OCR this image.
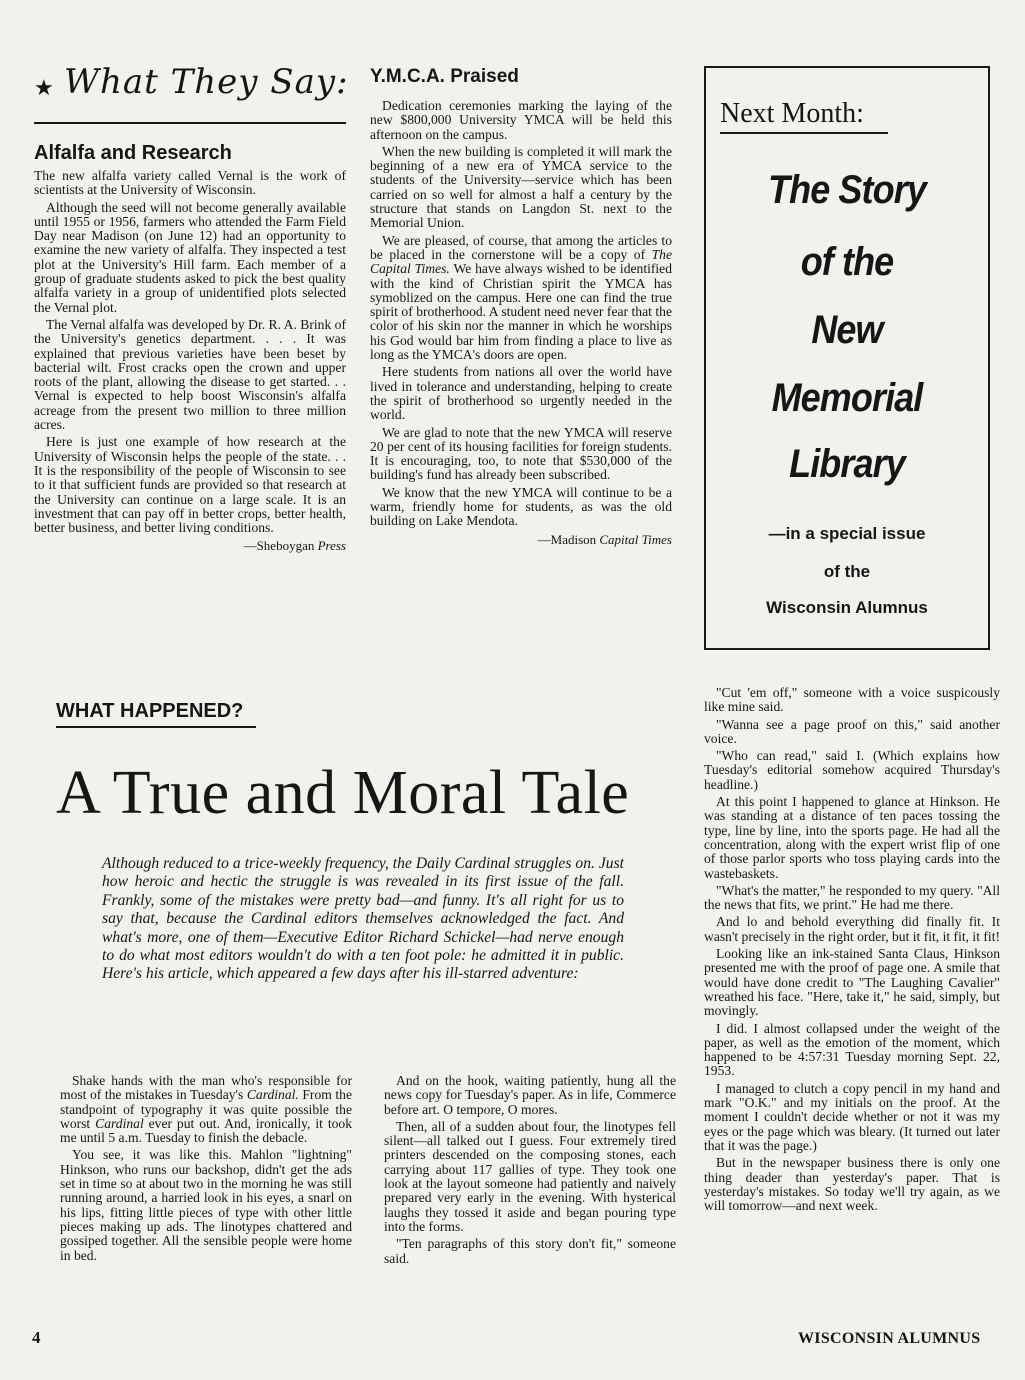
★ What They Say:
Alfalfa and Research

The new alfalfa variety called Vernal is the work of scientists at the University of Wisconsin.

Although the seed will not become generally available until 1955 or 1956, farmers who attended the Farm Field Day near Madison (on June 12) had an opportunity to examine the new variety of alfalfa. They inspected a test plot at the University's Hill farm. Each member of a group of graduate students asked to pick the best quality alfalfa variety in a group of unidentified plots selected the Vernal plot.

The Vernal alfalfa was developed by Dr. R. A. Brink of the University's genetics department. . . . It was explained that previous varieties have been beset by bacterial wilt. Frost cracks open the crown and upper roots of the plant, allowing the disease to get started. . . Vernal is expected to help boost Wisconsin's alfalfa acreage from the present two million to three million acres.

Here is just one example of how research at the University of Wisconsin helps the people of the state. . . It is the responsibility of the people of Wisconsin to see to it that sufficient funds are provided so that research at the University can continue on a large scale. It is an investment that can pay off in better crops, better health, better business, and better living conditions.

—Sheboygan Press
Y.M.C.A. Praised

Dedication ceremonies marking the laying of the new $800,000 University YMCA will be held this afternoon on the campus.

When the new building is completed it will mark the beginning of a new era of YMCA service to the students of the University—service which has been carried on so well for almost a half a century by the structure that stands on Langdon St. next to the Memorial Union.

We are pleased, of course, that among the articles to be placed in the cornerstone will be a copy of The Capital Times. We have always wished to be identified with the kind of Christian spirit the YMCA has symoblized on the campus. Here one can find the true spirit of brotherhood. A student need never fear that the color of his skin nor the manner in which he worships his God would bar him from finding a place to live as long as the YMCA's doors are open.

Here students from nations all over the world have lived in tolerance and understanding, helping to create the spirit of brotherhood so urgently needed in the world.

We are glad to note that the new YMCA will reserve 20 per cent of its housing facilities for foreign students. It is encouraging, too, to note that $530,000 of the building's fund has already been subscribed.

We know that the new YMCA will continue to be a warm, friendly home for students, as was the old building on Lake Mendota.

—Madison Capital Times
Next Month:
The Story
of the
New
Memorial
Library
—in a special issue
of the
Wisconsin Alumnus
WHAT HAPPENED?
A True and Moral Tale
Although reduced to a trice-weekly frequency, the Daily Cardinal struggles on. Just how heroic and hectic the struggle is was revealed in its first issue of the fall. Frankly, some of the mistakes were pretty bad—and funny. It's all right for us to say that, because the Cardinal editors themselves acknowledged the fact. And what's more, one of them—Executive Editor Richard Schickel—had nerve enough to do what most editors wouldn't do with a ten foot pole: he admitted it in public. Here's his article, which appeared a few days after his ill-starred adventure:

Shake hands with the man who's responsible for most of the mistakes in Tuesday's Cardinal. From the standpoint of typography it was quite possible the worst Cardinal ever put out. And, ironically, it took me until 5 a.m. Tuesday to finish the debacle.

You see, it was like this. Mahlon "lightning" Hinkson, who runs our backshop, didn't get the ads set in time so at about two in the morning he was still running around, a harried look in his eyes, a snarl on his lips, fitting little pieces of type with other little pieces making up ads. The linotypes chattered and gossiped together. All the sensible people were home in bed.

And on the hook, waiting patiently, hung all the news copy for Tuesday's paper. As in life, Commerce before art. O tempore, O mores.

Then, all of a sudden about four, the linotypes fell silent—all talked out I guess. Four extremely tired printers descended on the composing stones, each carrying about 117 gallies of type. They took one look at the layout someone had patiently and naively prepared very early in the evening. With hysterical laughs they tossed it aside and began pouring type into the forms.

"Ten paragraphs of this story don't fit," someone said.

"Cut 'em off," someone with a voice suspicously like mine said.

"Wanna see a page proof on this," said another voice.

"Who can read," said I. (Which explains how Tuesday's editorial somehow acquired Thursday's headline.)

At this point I happened to glance at Hinkson. He was standing at a distance of ten paces tossing the type, line by line, into the sports page. He had all the concentration, along with the expert wrist flip of one of those parlor sports who toss playing cards into the wastebaskets.

"What's the matter," he responded to my query. "All the news that fits, we print." He had me there.

And lo and behold everything did finally fit. It wasn't precisely in the right order, but it fit, it fit, it fit!

Looking like an ink-stained Santa Claus, Hinkson presented me with the proof of page one. A smile that would have done credit to "The Laughing Cavalier" wreathed his face. "Here, take it," he said, simply, but movingly.

I did. I almost collapsed under the weight of the paper, as well as the emotion of the moment, which happened to be 4:57:31 Tuesday morning Sept. 22, 1953.

I managed to clutch a copy pencil in my hand and mark "O.K." and my initials on the proof. At the moment I couldn't decide whether or not it was my eyes or the page which was bleary. (It turned out later that it was the page.)

But in the newspaper business there is only one thing deader than yesterday's paper. That is yesterday's mistakes. So today we'll try again, as we will tomorrow—and next week.

4	WISCONSIN ALUMNUS
